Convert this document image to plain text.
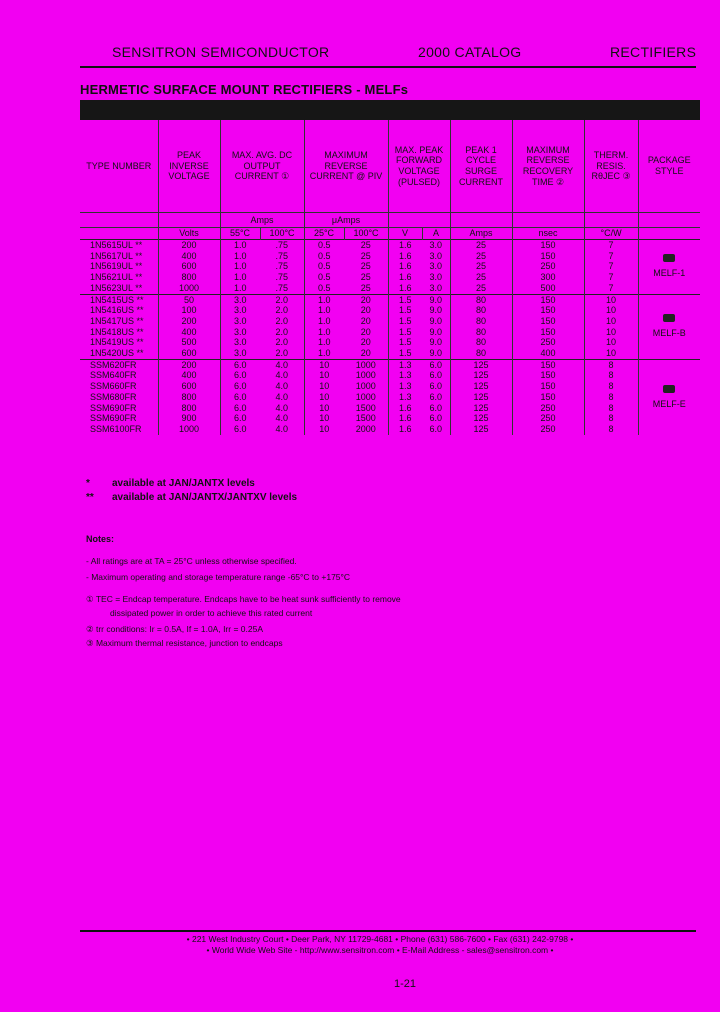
SENSITRON SEMICONDUCTOR	2000 CATALOG	RECTIFIERS
HERMETIC SURFACE MOUNT RECTIFIERS - MELFs
TYPE NUMBER	PEAK INVERSE VOLTAGE	MAX. AVG. DC OUTPUT CURRENT ①		MAXIMUM REVERSE CURRENT @ PIV		MAX. PEAK FORWARD VOLTAGE (PULSED)		PEAK 1 CYCLE SURGE CURRENT	MAXIMUM REVERSE RECOVERY TIME ②	THERM. RESIS. RθJEC ③	PACKAGE STYLE
		Amps		μAmps							
	Volts	55°C	100°C	25°C	100°C	V	A	Amps	nsec	°C/W	
1N5615UL **	200	1.0	.75	0.5	25	1.6	3.0	25	150	7	MELF-1

1N5617UL **	400	1.0	.75	0.5	25	1.6	3.0	25	150	7	
1N5619UL **	600	1.0	.75	0.5	25	1.6	3.0	25	250	7	
1N5621UL **	800	1.0	.75	0.5	25	1.6	3.0	25	300	7	
1N5623UL **	1000	1.0	.75	0.5	25	1.6	3.0	25	500	7	
1N5415US **	50	3.0	2.0	1.0	20	1.5	9.0	80	150	10	MELF-B

1N5416US **	100	3.0	2.0	1.0	20	1.5	9.0	80	150	10	
1N5417US **	200	3.0	2.0	1.0	20	1.5	9.0	80	150	10	
1N5418US **	400	3.0	2.0	1.0	20	1.5	9.0	80	150	10	
1N5419US **	500	3.0	2.0	1.0	20	1.5	9.0	80	250	10	
1N5420US **	600	3.0	2.0	1.0	20	1.5	9.0	80	400	10	
SSM620FR	200	6.0	4.0	10	1000	1.3	6.0	125	150	8	MELF-E

SSM640FR	400	6.0	4.0	10	1000	1.3	6.0	125	150	8	
SSM660FR	600	6.0	4.0	10	1000	1.3	6.0	125	150	8	
SSM680FR	800	6.0	4.0	10	1000	1.3	6.0	125	150	8	
SSM690FR	800	6.0	4.0	10	1500	1.6	6.0	125	250	8	
SSM690FR	900	6.0	4.0	10	1500	1.6	6.0	125	250	8	
SSM6100FR	1000	6.0	4.0	10	2000	1.6	6.0	125	250	8	
* available at JAN/JANTX levels
** available at JAN/JANTX/JANTXV levels
Notes:
- All ratings are at TA = 25°C unless otherwise specified.
- Maximum operating and storage temperature range -65°C to +175°C
① TEC = Endcap temperature. Endcaps have to be heat sunk sufficiently to remove
dissipated power in order to achieve this rated current
② trr conditions: Ir = 0.5A, If = 1.0A, Irr = 0.25A
③ Maximum thermal resistance, junction to endcaps
• 221 West Industry Court • Deer Park, NY 11729-4681 • Phone (631) 586-7600 • Fax (631) 242-9798 •
• World Wide Web Site - http://www.sensitron.com • E-Mail Address - sales@sensitron.com •
1-21
